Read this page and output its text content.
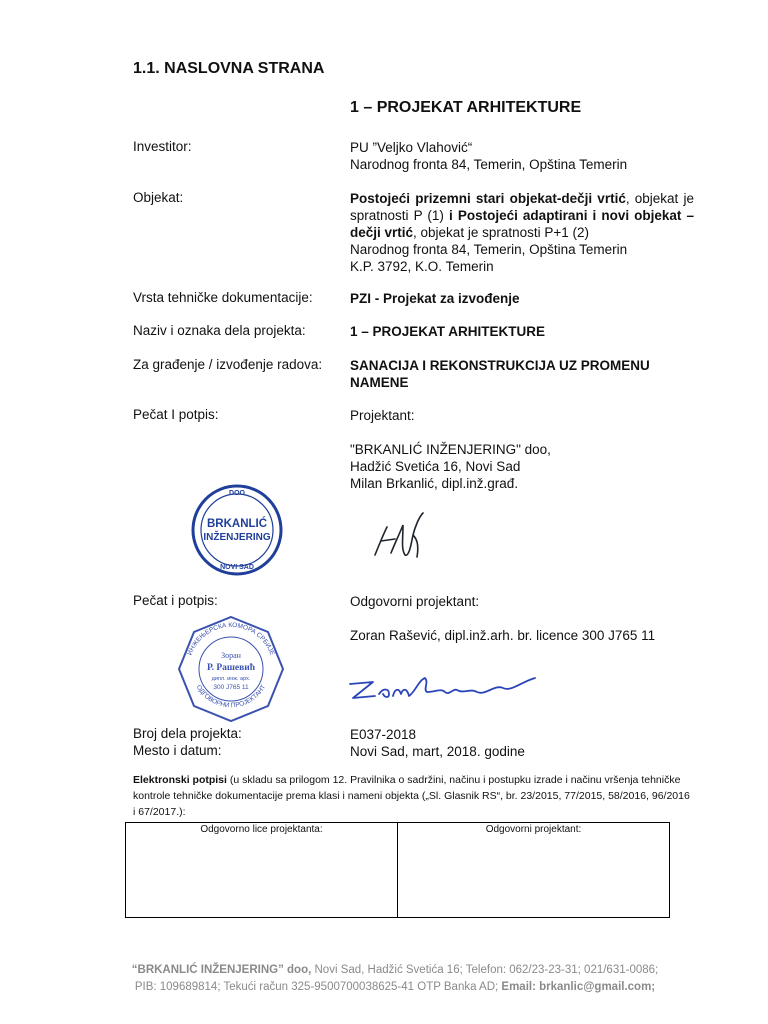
1.1. NASLOVNA STRANA
1 – PROJEKAT ARHITEKTURE
Investitor:	PU ”Veljko Vlahović“
Narodnog fronta 84, Temerin, Opština Temerin
Objekat:	Postojeći prizemni stari objekat-dečji vrtić, objekat je spratnosti P (1) i Postojeći adaptirani i novi objekat – dečji vrtić, objekat je spratnosti P+1 (2)
Narodnog fronta 84, Temerin, Opština Temerin
K.P. 3792, K.O. Temerin
Vrsta tehničke dokumentacije:	PZI - Projekat za izvođenje
Naziv i oznaka dela projekta:	1 – PROJEKAT ARHITEKTURE
Za građenje / izvođenje radova: SANACIJA I REKONSTRUKCIJA UZ PROMENU NAMENE
Pečat I potpis:	Projektant:
"BRKANLIĆ INŽENJERING" doo,
Hadžić Svetića 16, Novi Sad
Milan Brkanlić, dipl.inž.građ.
DOO
BRKANLIĆ
INŽENJERING
NOVI SAD
Pečat i potpis:	Odgovorni projektant:
Zoran Rašević, dipl.inž.arh. br. licence 300 J765 11
ИНЖЕЊЕРСКА КОМОРА СРБИЈЕ
ОДГОВОРНИ ПРОЈЕКТАНТ
Зоран
Р. Рашевић
дипл. инж. арх.
300 J765 11
Broj dela projekta:	E037-2018
Mesto i datum:	Novi Sad, mart, 2018. godine
Elektronski potpisi (u skladu sa prilogom 12. Pravilnika o sadržini, načinu i postupku izrade i načinu vršenja tehničke kontrole tehničke dokumentacije prema klasi i nameni objekta („Sl. Glasnik RS“, br. 23/2015, 77/2015, 58/2016, 96/2016 i 67/2017.):
Odgovorno lice projektanta:	Odgovorni projektant:
“BRKANLIĆ INŽENJERING” doo, Novi Sad, Hadžić Svetića 16; Telefon: 062/23-23-31; 021/631-0086;
PIB: 109689814; Tekući račun 325-9500700038625-41 OTP Banka AD; Email: brkanlic@gmail.com;
